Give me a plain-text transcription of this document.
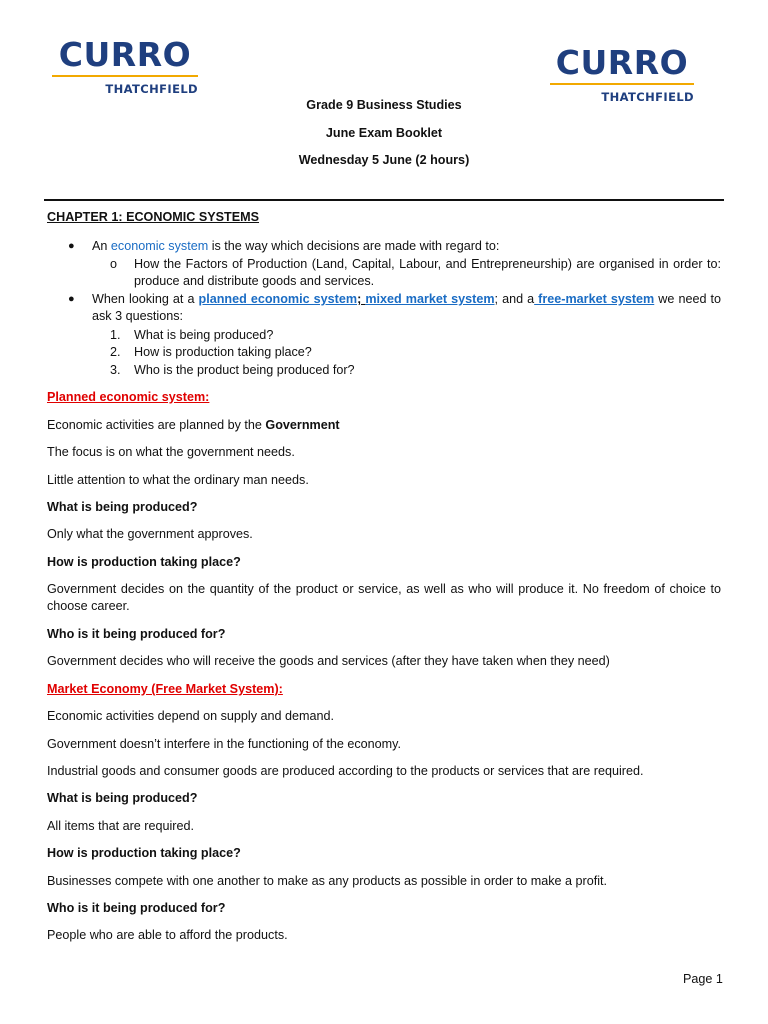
CURRO
THATCHFIELD
CURRO
THATCHFIELD
Grade 9 Business Studies
June Exam Booklet
Wednesday 5 June (2 hours)
CHAPTER 1: ECONOMIC SYSTEMS
● An economic system is the way which decisions are made with regard to:
o How the Factors of Production (Land, Capital, Labour, and Entrepreneurship) are organised in order to: produce and distribute goods and services.
● When looking at a planned economic system; mixed market system; and a free-market system we need to ask 3 questions:
1. What is being produced?
2. How is production taking place?
3. Who is the product being produced for?
Planned economic system:
Economic activities are planned by the Government
The focus is on what the government needs.
Little attention to what the ordinary man needs.
What is being produced?
Only what the government approves.
How is production taking place?
Government decides on the quantity of the product or service, as well as who will produce it. No freedom of choice to choose career.
Who is it being produced for?
Government decides who will receive the goods and services (after they have taken when they need)
Market Economy (Free Market System):
Economic activities depend on supply and demand.
Government doesn’t interfere in the functioning of the economy.
Industrial goods and consumer goods are produced according to the products or services that are required.
What is being produced?
All items that are required.
How is production taking place?
Businesses compete with one another to make as any products as possible in order to make a profit.
Who is it being produced for?
People who are able to afford the products.
Page 1
